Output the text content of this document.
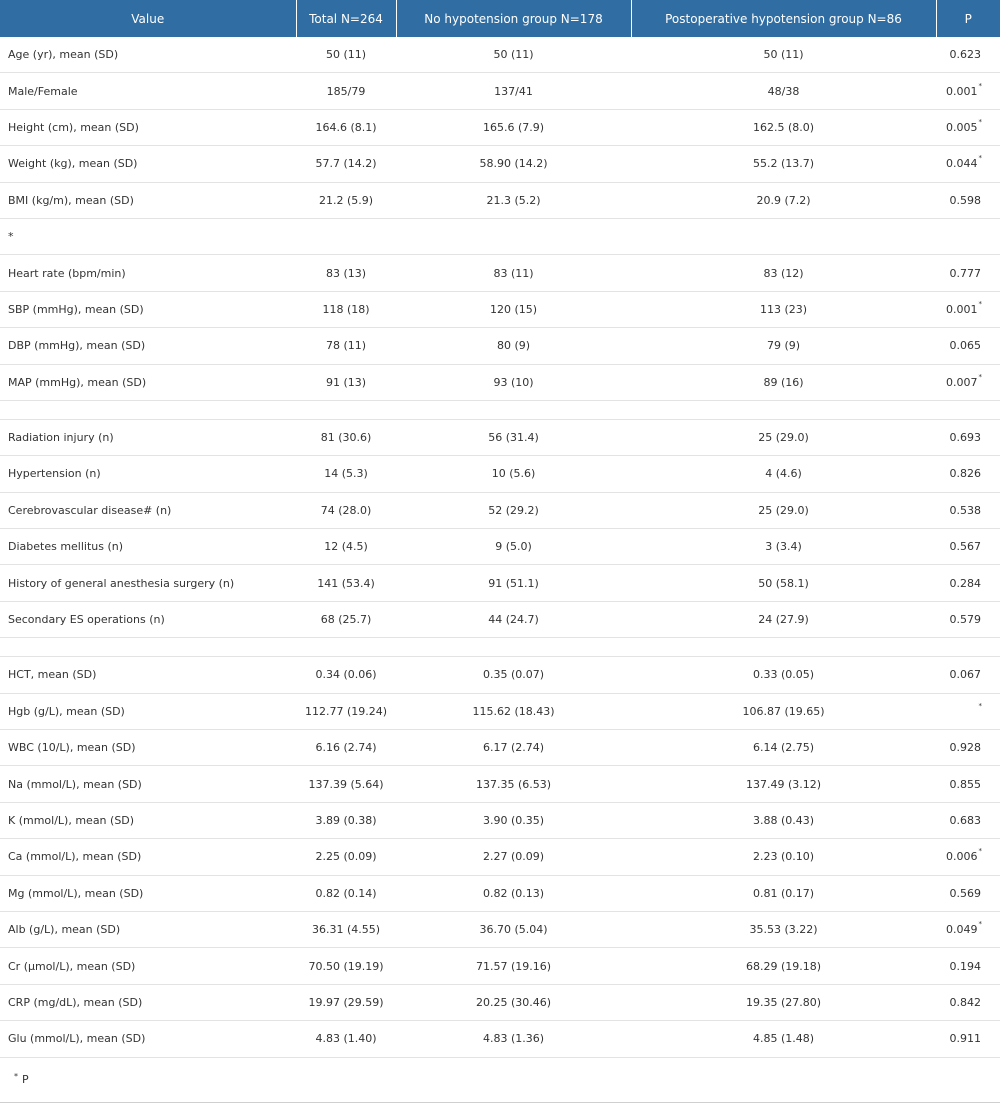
Value	Total N=264	No hypotension group N=178	Postoperative hypotension group N=86	P
Age (yr), mean (SD)	50 (11)	50 (11)	50 (11)	0.623
Male/Female	185/79	137/41	48/38	0.001*
Height (cm), mean (SD)	164.6 (8.1)	165.6 (7.9)	162.5 (8.0)	0.005*
Weight (kg), mean (SD)	57.7 (14.2)	58.90 (14.2)	55.2 (13.7)	0.044*
BMI (kg/m), mean (SD)	21.2 (5.9)	21.3 (5.2)	20.9 (7.2)	0.598
*				
Heart rate (bpm/min)	83 (13)	83 (11)	83 (12)	0.777
SBP (mmHg), mean (SD)	118 (18)	120 (15)	113 (23)	0.001*
DBP (mmHg), mean (SD)	78 (11)	80 (9)	79 (9)	0.065
MAP (mmHg), mean (SD)	91 (13)	93 (10)	89 (16)	0.007*

Radiation injury (n)	81 (30.6)	56 (31.4)	25 (29.0)	0.693
Hypertension (n)	14 (5.3)	10 (5.6)	4 (4.6)	0.826
Cerebrovascular disease# (n)	74 (28.0)	52 (29.2)	25 (29.0)	0.538
Diabetes mellitus (n)	12 (4.5)	9 (5.0)	3 (3.4)	0.567
History of general anesthesia surgery (n)	141 (53.4)	91 (51.1)	50 (58.1)	0.284
Secondary ES operations (n)	68 (25.7)	44 (24.7)	24 (27.9)	0.579

HCT, mean (SD)	0.34 (0.06)	0.35 (0.07)	0.33 (0.05)	0.067
Hgb (g/L), mean (SD)	112.77 (19.24)	115.62 (18.43)	106.87 (19.65)	*
WBC (10/L), mean (SD)	6.16 (2.74)	6.17 (2.74)	6.14 (2.75)	0.928
Na (mmol/L), mean (SD)	137.39 (5.64)	137.35 (6.53)	137.49 (3.12)	0.855
K (mmol/L), mean (SD)	3.89 (0.38)	3.90 (0.35)	3.88 (0.43)	0.683
Ca (mmol/L), mean (SD)	2.25 (0.09)	2.27 (0.09)	2.23 (0.10)	0.006*
Mg (mmol/L), mean (SD)	0.82 (0.14)	0.82 (0.13)	0.81 (0.17)	0.569
Alb (g/L), mean (SD)	36.31 (4.55)	36.70 (5.04)	35.53 (3.22)	0.049*
Cr (µmol/L), mean (SD)	70.50 (19.19)	71.57 (19.16)	68.29 (19.18)	0.194
CRP (mg/dL), mean (SD)	19.97 (29.59)	20.25 (30.46)	19.35 (27.80)	0.842
Glu (mmol/L), mean (SD)	4.83 (1.40)	4.83 (1.36)	4.85 (1.48)	0.911
* P
